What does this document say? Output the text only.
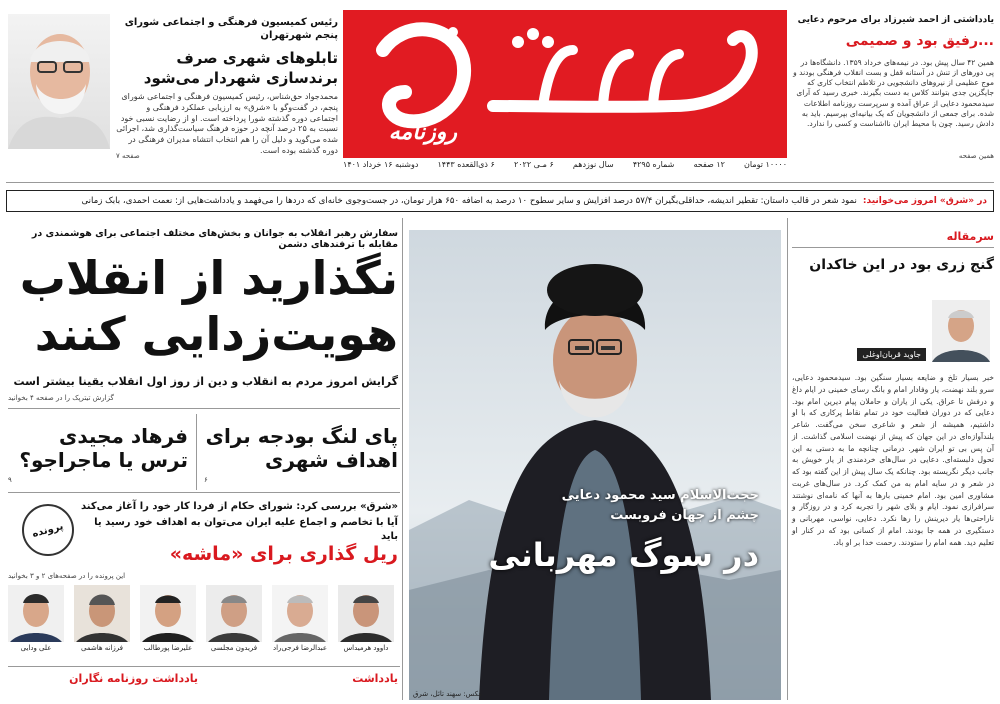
روزنامه
دوشنبه ۱۶ خرداد ۱۴۰۱ ۶ ذی‌القعده ۱۴۴۳ ۶ مـی ۲۰۲۲ سال نوزدهم شماره ۴۲۹۵ ۱۲ صفحه ۱۰۰۰۰ تومان
رئیس کمیسیون فرهنگی و اجتماعی شورای پنجم شهرتهران
تابلوهای شهری صرف برندسازی شهردار می‌شود
محمدجواد حق‌شناس، رئیس کمیسیون فرهنگی و اجتماعی شورای پنجم، در گفت‌وگو با «شرق» به ارزیابی عملکرد فرهنگی و اجتماعی دوره گذشته شورا پرداخته است. او از رضایت نسبی خود نسبت به ۲۵ درصد آنچه در حوزه فرهنگ سیاست‌گذاری شد، اجرائی شده می‌گوید و دلیل آن را هم انتخاب انتشاه مدیران فرهنگی در دوره گذشته بوده است.
صفحه ۷
یادداشتی از احمد شیرزاد برای مرحوم دعایی
...رفیق بود و صمیمی
همین ۴۲ سال پیش بود. در نیمه‌های خرداد ۱۳۵۹. دانشگاه‌ها در پی دورهای از تنش در آستانه قفل و بست انقلاب فرهنگی بودند و موج عظیمی از نیروهای دانشجویی در تلاطم انتخاب کاری که جایگزین جدی بتوانند کلاس به دست بگیرند. خبری رسید که آرای سیدمحمود دعایی از عراق آمده و سرپرست روزنامه اطلاعات شده. برای جمعی از دانشجویان که یک بیانیه‌ای بپرسیم. باید به دادش رسید. چون با محیط ایران نااشناست و کسی را ندارد.
همین صفحه
در «شرق» امروز می‌خوانید:
نمود شعر در قالب داستان: تقطیر اندیشه، حداقلی‌بگیران ۵۷/۴ درصد افزایش و سایر سطوح ۱۰ درصد به اضافه ۶۵۰ هزار تومان، در جست‌وجوی خانه‌ای که دردها را می‌فهمد و یادداشت‌هایی از: نعمت احمدی، بابک زمانی
سفارش رهبر انقلاب به جوانان و بخش‌های مختلف اجتماعی برای هوشمندی در مقابله با ترفندهای دشمن
نگذارید از انقلاب
هویت‌زدایی کنند
گرایش امروز مردم به انقلاب و دین از روز اول انقلاب یقینا بیشتر است
گزارش تیترپک را در صفحه ۴ بخوانید
فرهاد مجیدی ترس یا ماجراجو؟
۹
پای لنگ بودجه برای اهداف شهری
۶
پرونده
«شرق» بررسی کرد: شورای حکام از فردا کار خود را آغاز می‌کند
آیا با تخاصم و اجماع علیه ایران می‌توان به اهداف خود رسید یا باید
ریل گذاری برای «ماشه»
این پرونده را در صفحه‌های ۲ و ۳ بخوانید
علی ودایی	فرزانه هاشمی	علیرضا پورطالب	فریدون مجلسی	عبدالرضا فرجی‌راد	داوود هرمیداس
یادداشت روزنامه نگاران	یادداشت
حجت‌الاسلام سید محمود دعایی
چشم از جهان فروبست
در سوگ مهربانی
عکس: سهند تائل، شرق
سرمقاله
گنج زری بود در این خاکدان
جاوید قربان‌اوغلی
خبر بسیار تلخ و ضایعه بسیار سنگین بود. سیدمحمود دعایی، سرو بلند نهضت، یار وفادار امام و بانگ رسای خمینی در ایام داغ و درفش تا عراق. یکی از یاران و حاملان پیام دیرین امام بود. دعایی که در دوران فعالیت خود در تمام نقاط پرکاری که با او داشتیم، همیشه از شعر و شاعری سخن می‌گفت. شاعر بلندآوازه‌ای در این جهان که پیش از نهضت اسلامی گذاشت. از آن پس بی تو ایران شهر. درمانی چنانچه ما به دستی به این تحول دلبسته‌ای. دعایی در سال‌های خردمندی از یار خویش به جانب دیگر نگریسته بود. چنانکه یک سال پیش از این گفته بود که در شعر و در سایه امام به من کمک کرد. در سال‌های غربت مشاوری امین بود. امام خمینی بارها به آنها که نامه‌ای نوشتند سرافرازی نمود. ایام و بلای شهر را تجربه کرد و در روزگار و ناراحتی‌ها یار دیرینش را رها نکرد. دعایی، نواسی، مهربانی و دستگیری در همه جا بودند. امام از کسانی بود که در کنار او تعلیم دید. همه امام را ستودند. رحمت خدا بر او باد.
